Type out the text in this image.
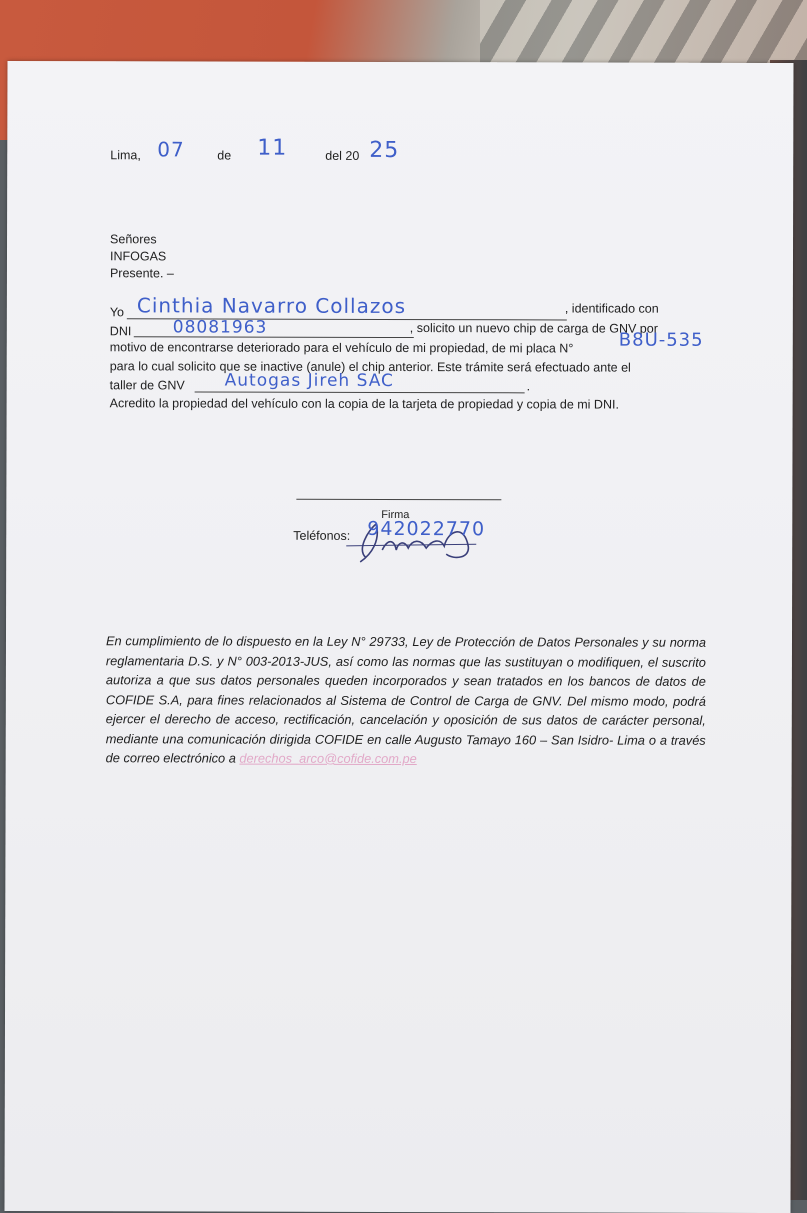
Lima, 07	de 11	del 20 25
Señores
INFOGAS
Presente. –
Yo Cinthia Navarro Collazos	, identificado con
DNI 08081963	, solicito un nuevo chip de carga de GNV por
motivo de encontrarse deteriorado para el vehículo de mi propiedad, de mi placa N°	B8U-535
para lo cual solicito que se inactive (anule) el chip anterior. Este trámite será efectuado ante el
taller de GNV Autogas Jireh SAC	.
Acredito la propiedad del vehículo con la copia de la tarjeta de propiedad y copia de mi DNI.
Firma
Teléfonos: 942022770

En cumplimiento de lo dispuesto en la Ley N° 29733, Ley de Protección de Datos Personales y su norma reglamentaria D.S. y N° 003-2013-JUS, así como las normas que las sustituyan o modifiquen, el suscrito autoriza a que sus datos personales queden incorporados y sean tratados en los bancos de datos de COFIDE S.A, para fines relacionados al Sistema de Control de Carga de GNV. Del mismo modo, podrá ejercer el derecho de acceso, rectificación, cancelación y oposición de sus datos de carácter personal, mediante una comunicación dirigida COFIDE en calle Augusto Tamayo 160 – San Isidro- Lima o a través de correo electrónico a derechos_arco@cofide.com.pe
